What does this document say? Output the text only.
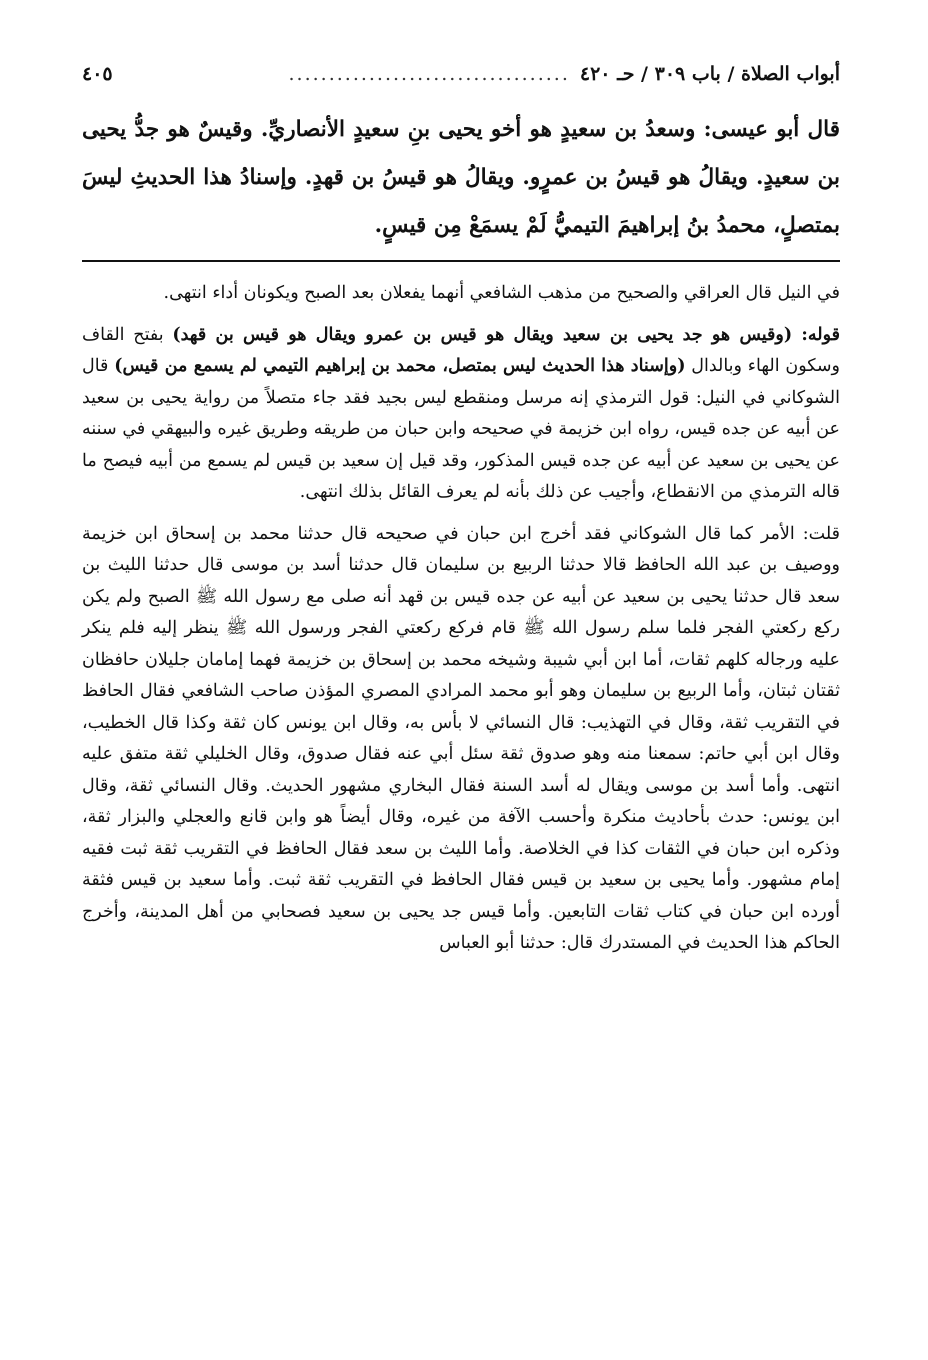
أبواب الصلاة / باب ٣٠٩ / حـ ٤٢٠
...................................
٤٠٥

قال أبو عيسى: وسعدُ بن سعيدٍ هو أخو يحيى بنِ سعيدٍ الأنصاريِّ. وقيسٌ هو جدُّ يحيى بن سعيدٍ. ويقالُ هو قيسُ بن عمرٍو. ويقالُ هو قيسُ بن قهدٍ. وإسنادُ هذا الحديثِ ليسَ بمتصلٍ، محمدُ بنُ إبراهيمَ التيميُّ لَمْ يسمَعْ مِن قيسٍ.

في النيل قال العراقي والصحيح من مذهب الشافعي أنهما يفعلان بعد الصبح ويكونان أداء انتهى.

قوله: (وقيس هو جد يحيى بن سعيد ويقال هو قيس بن عمرو ويقال هو قيس بن قهد) بفتح القاف وسكون الهاء وبالدال (وإسناد هذا الحديث ليس بمتصل، محمد بن إبراهيم التيمي لم يسمع من قيس) قال الشوكاني في النيل: قول الترمذي إنه مرسل ومنقطع ليس بجيد فقد جاء متصلاً من رواية يحيى بن سعيد عن أبيه عن جده قيس، رواه ابن خزيمة في صحيحه وابن حبان من طريقه وطريق غيره والبيهقي في سننه عن يحيى بن سعيد عن أبيه عن جده قيس المذكور، وقد قيل إن سعيد بن قيس لم يسمع من أبيه فيصح ما قاله الترمذي من الانقطاع، وأجيب عن ذلك بأنه لم يعرف القائل بذلك انتهى.

قلت: الأمر كما قال الشوكاني فقد أخرج ابن حبان في صحيحه قال حدثنا محمد بن إسحاق ابن خزيمة ووصيف بن عبد الله الحافظ قالا حدثنا الربيع بن سليمان قال حدثنا أسد بن موسى قال حدثنا الليث بن سعد قال حدثنا يحيى بن سعيد عن أبيه عن جده قيس بن قهد أنه صلى مع رسول الله ﷺ الصبح ولم يكن ركع ركعتي الفجر فلما سلم رسول الله ﷺ قام فركع ركعتي الفجر ورسول الله ﷺ ينظر إليه فلم ينكر عليه ورجاله كلهم ثقات، أما ابن أبي شيبة وشيخه محمد بن إسحاق بن خزيمة فهما إمامان جليلان حافظان ثقتان ثبتان، وأما الربيع بن سليمان وهو أبو محمد المرادي المصري المؤذن صاحب الشافعي فقال الحافظ في التقريب ثقة، وقال في التهذيب: قال النسائي لا بأس به، وقال ابن يونس كان ثقة وكذا قال الخطيب، وقال ابن أبي حاتم: سمعنا منه وهو صدوق ثقة سئل أبي عنه فقال صدوق، وقال الخليلي ثقة متفق عليه انتهى. وأما أسد بن موسى ويقال له أسد السنة فقال البخاري مشهور الحديث. وقال النسائي ثقة، وقال ابن يونس: حدث بأحاديث منكرة وأحسب الآفة من غيره، وقال أيضاً هو وابن قانع والعجلي والبزار ثقة، وذكره ابن حبان في الثقات كذا في الخلاصة. وأما الليث بن سعد فقال الحافظ في التقريب ثقة ثبت فقيه إمام مشهور. وأما يحيى بن سعيد بن قيس فقال الحافظ في التقريب ثقة ثبت. وأما سعيد بن قيس فثقة أورده ابن حبان في كتاب ثقات التابعين. وأما قيس جد يحيى بن سعيد فصحابي من أهل المدينة، وأخرج الحاكم هذا الحديث في المستدرك قال: حدثنا أبو العباس
